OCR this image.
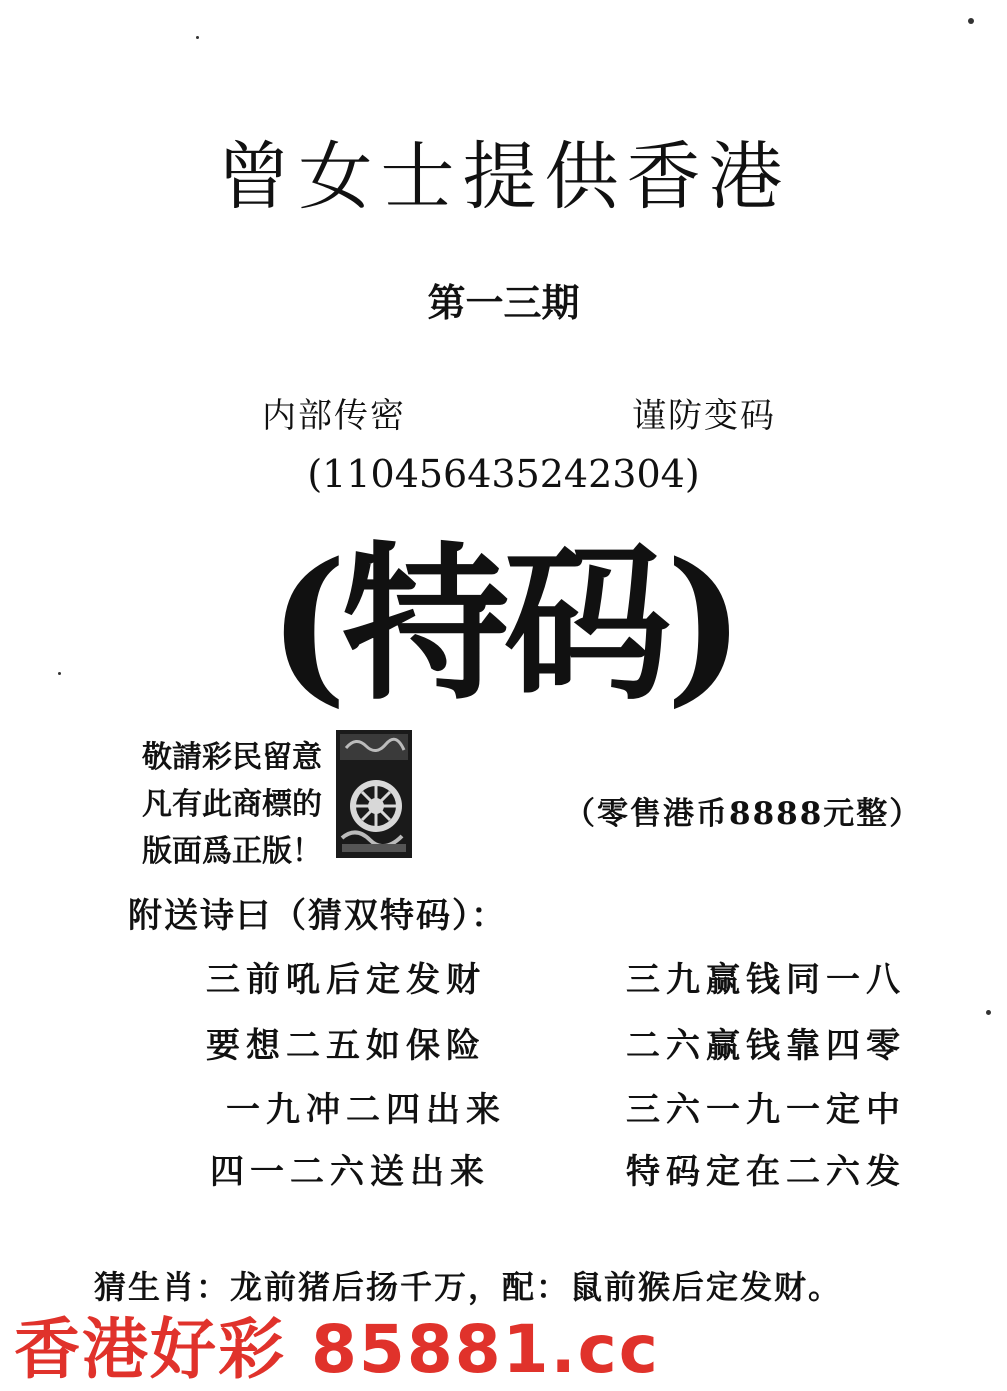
曾女士提供香港
第一三期
内部传密	谨防变码
(110456435242304)
(特码)
敬請彩民留意
凡有此商標的
版面爲正版！
（零售港币8888元整）
附送诗曰（猜双特码）：
三前吼后定发财
要想二五如保险
一九冲二四出来
四一二六送出来
三九赢钱同一八
二六赢钱靠四零
三六一九一定中
特码定在二六发
猜生肖：龙前猪后扬千万，配：鼠前猴后定发财。
香港好彩 85881.cc
